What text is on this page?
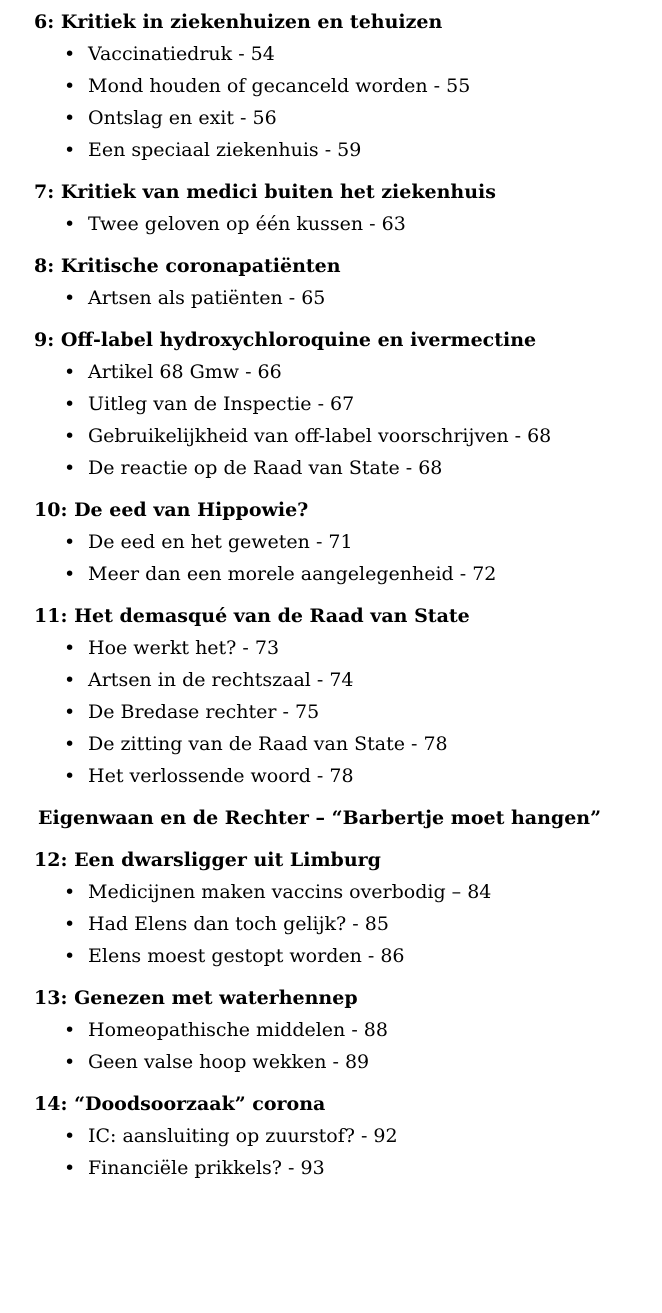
6: Kritiek in ziekenhuizen en tehuizen
• Vaccinatiedruk - 54
• Mond houden of gecanceld worden - 55
• Ontslag en exit - 56
• Een speciaal ziekenhuis - 59
7: Kritiek van medici buiten het ziekenhuis
• Twee geloven op één kussen - 63
8: Kritische coronapatiënten
• Artsen als patiënten - 65
9: Off-label hydroxychloroquine en ivermectine
• Artikel 68 Gmw - 66
• Uitleg van de Inspectie - 67
• Gebruikelijkheid van off-label voorschrijven - 68
• De reactie op de Raad van State - 68
10: De eed van Hippowie?
• De eed en het geweten - 71
• Meer dan een morele aangelegenheid - 72
11: Het demasqué van de Raad van State
• Hoe werkt het? - 73
• Artsen in de rechtszaal - 74
• De Bredase rechter - 75
• De zitting van de Raad van State - 78
• Het verlossende woord - 78
Eigenwaan en de Rechter – “Barbertje moet hangen”
12: Een dwarsligger uit Limburg
• Medicijnen maken vaccins overbodig – 84
• Had Elens dan toch gelijk? - 85
• Elens moest gestopt worden - 86
13: Genezen met waterhennep
• Homeopathische middelen - 88
• Geen valse hoop wekken - 89
14: “Doodsoorzaak” corona
• IC: aansluiting op zuurstof? - 92
• Financiële prikkels? - 93
